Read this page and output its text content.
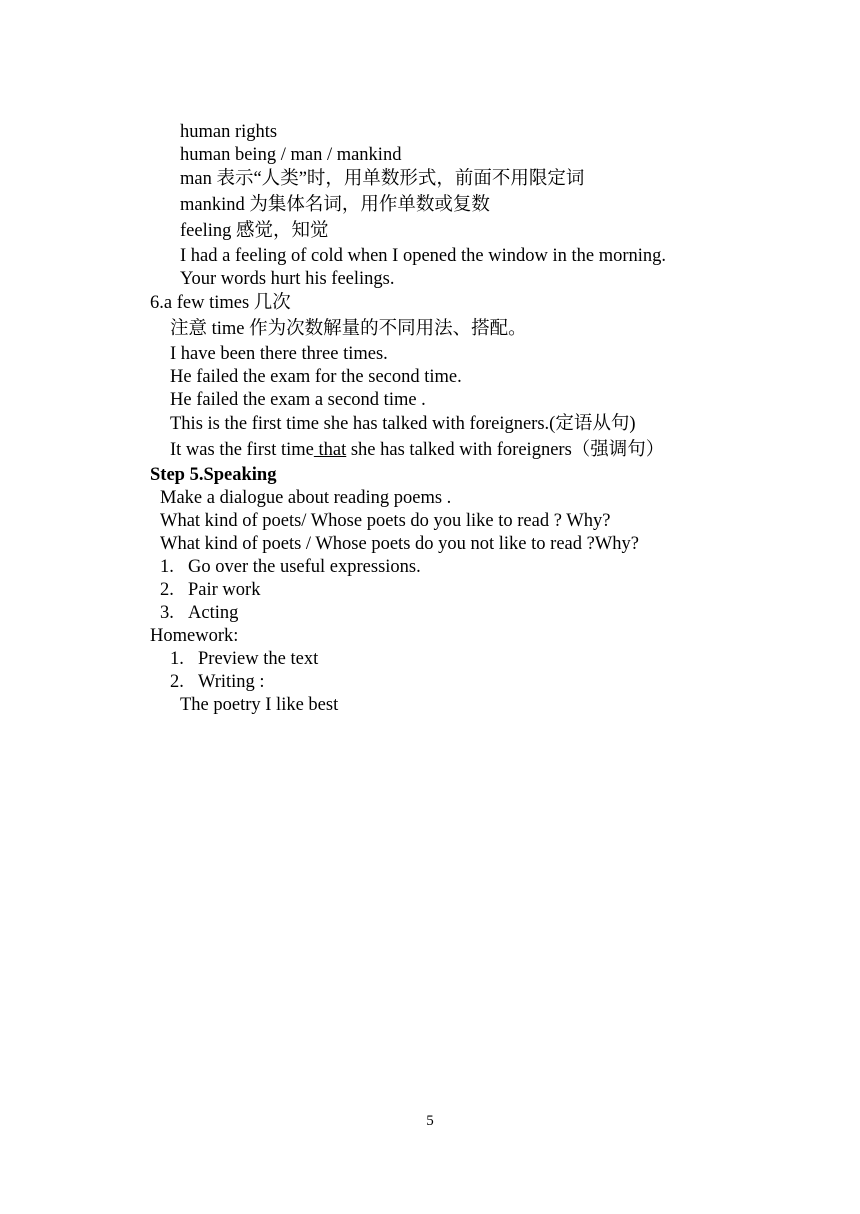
human rights
human being / man / mankind
man 表示“人类”时，用单数形式，前面不用限定词
mankind 为集体名词，用作单数或复数
feeling 感觉，知觉
I had a feeling of cold when I opened the window in the morning.
Your words hurt his feelings.
6.a few times 几次
注意 time 作为次数解量的不同用法、搭配。
I have been there three times.
He failed the exam for the second time.
He failed the exam a second time .
This is the first time she has talked with foreigners.(定语从句)
It was the first time that she has talked with foreigners（强调句）
Step 5.Speaking
Make a dialogue about reading poems .
What kind of poets/ Whose poets do you like to read ? Why?
What kind of poets / Whose poets do you not like to read ?Why?
1. Go over the useful expressions.
2. Pair work
3. Acting
Homework:
1. Preview the text
2. Writing :
The poetry I like best
5
